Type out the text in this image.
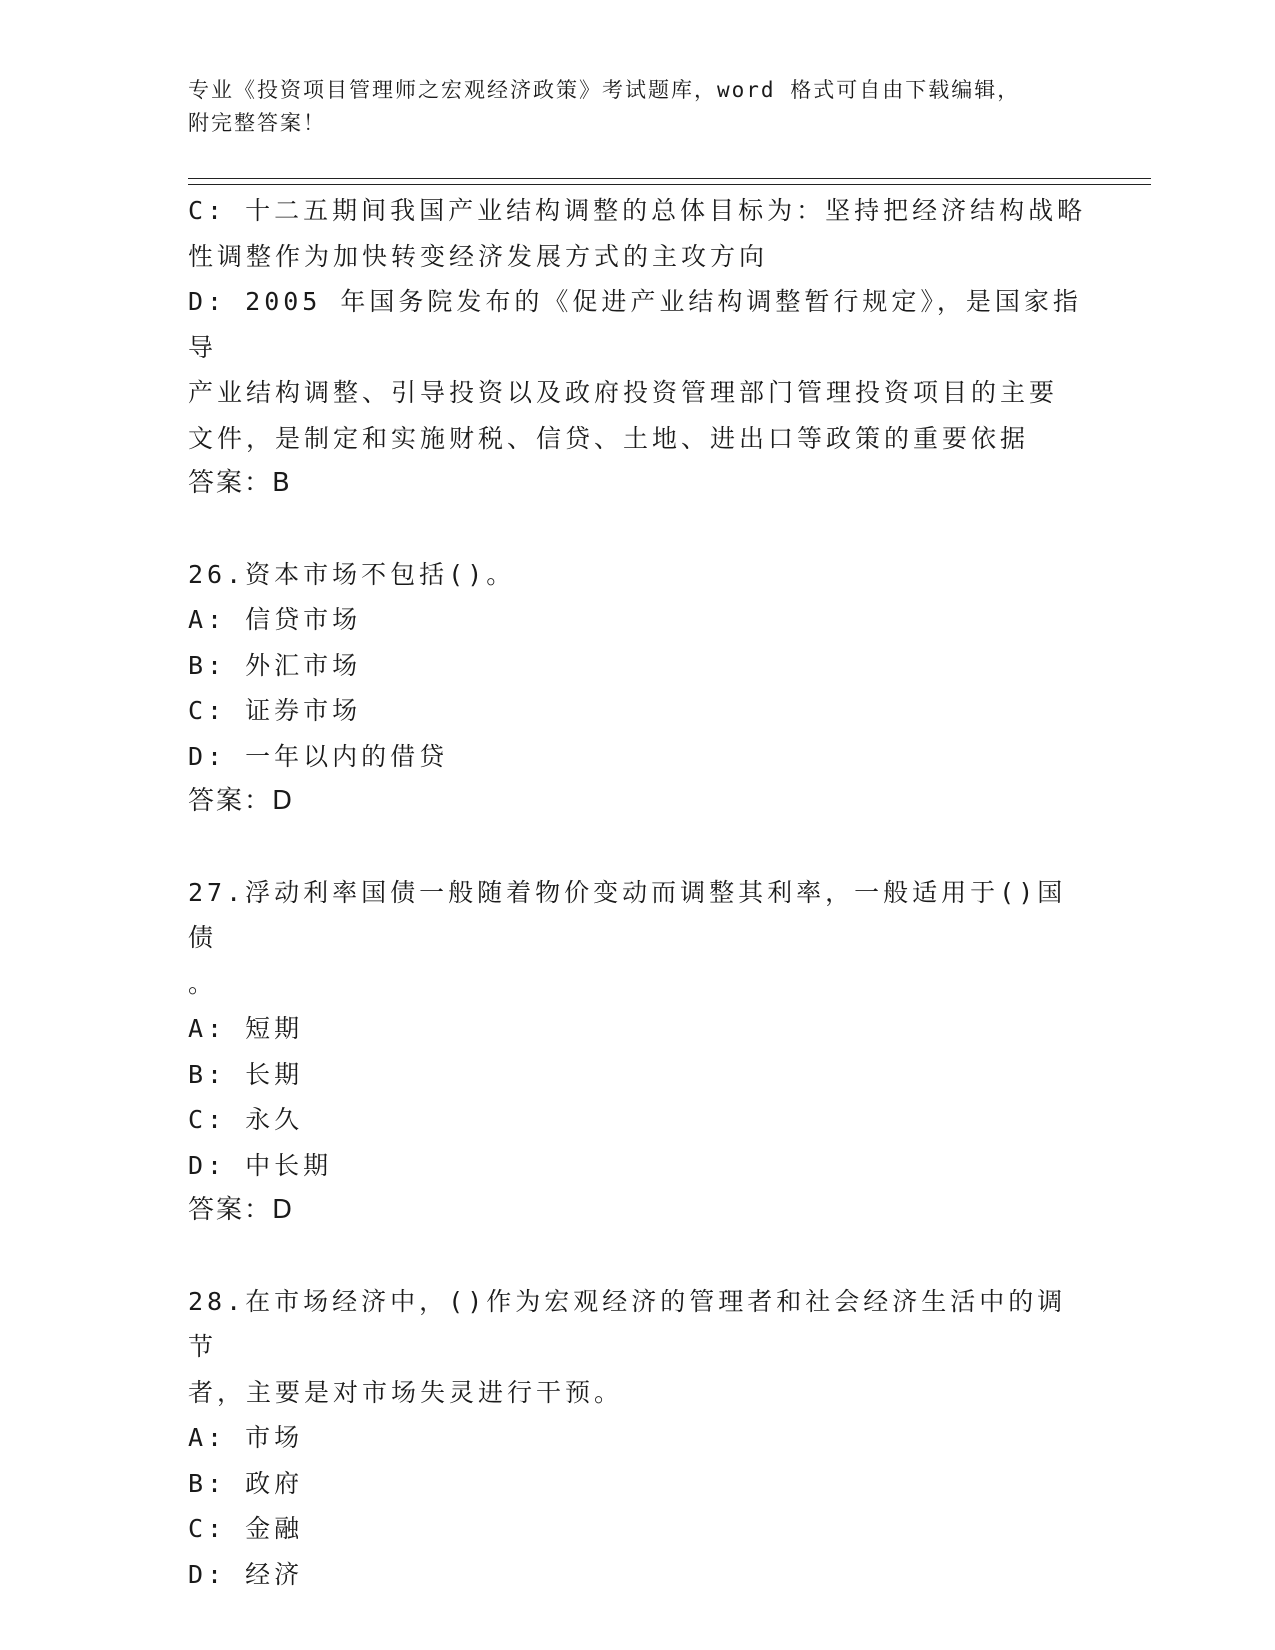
专业《投资项目管理师之宏观经济政策》考试题库，word 格式可自由下载编辑，
附完整答案！
C: 十二五期间我国产业结构调整的总体目标为：坚持把经济结构战略
性调整作为加快转变经济发展方式的主攻方向
D: 2005 年国务院发布的《促进产业结构调整暂行规定》，是国家指导
产业结构调整、引导投资以及政府投资管理部门管理投资项目的主要
文件，是制定和实施财税、信贷、土地、进出口等政策的重要依据
答案：B
26.资本市场不包括()。
A: 信贷市场
B: 外汇市场
C: 证券市场
D: 一年以内的借贷
答案：D
27.浮动利率国债一般随着物价变动而调整其利率，一般适用于()国债
。
A: 短期
B: 长期
C: 永久
D: 中长期
答案：D
28.在市场经济中，()作为宏观经济的管理者和社会经济生活中的调节
者，主要是对市场失灵进行干预。
A: 市场
B: 政府
C: 金融
D: 经济
